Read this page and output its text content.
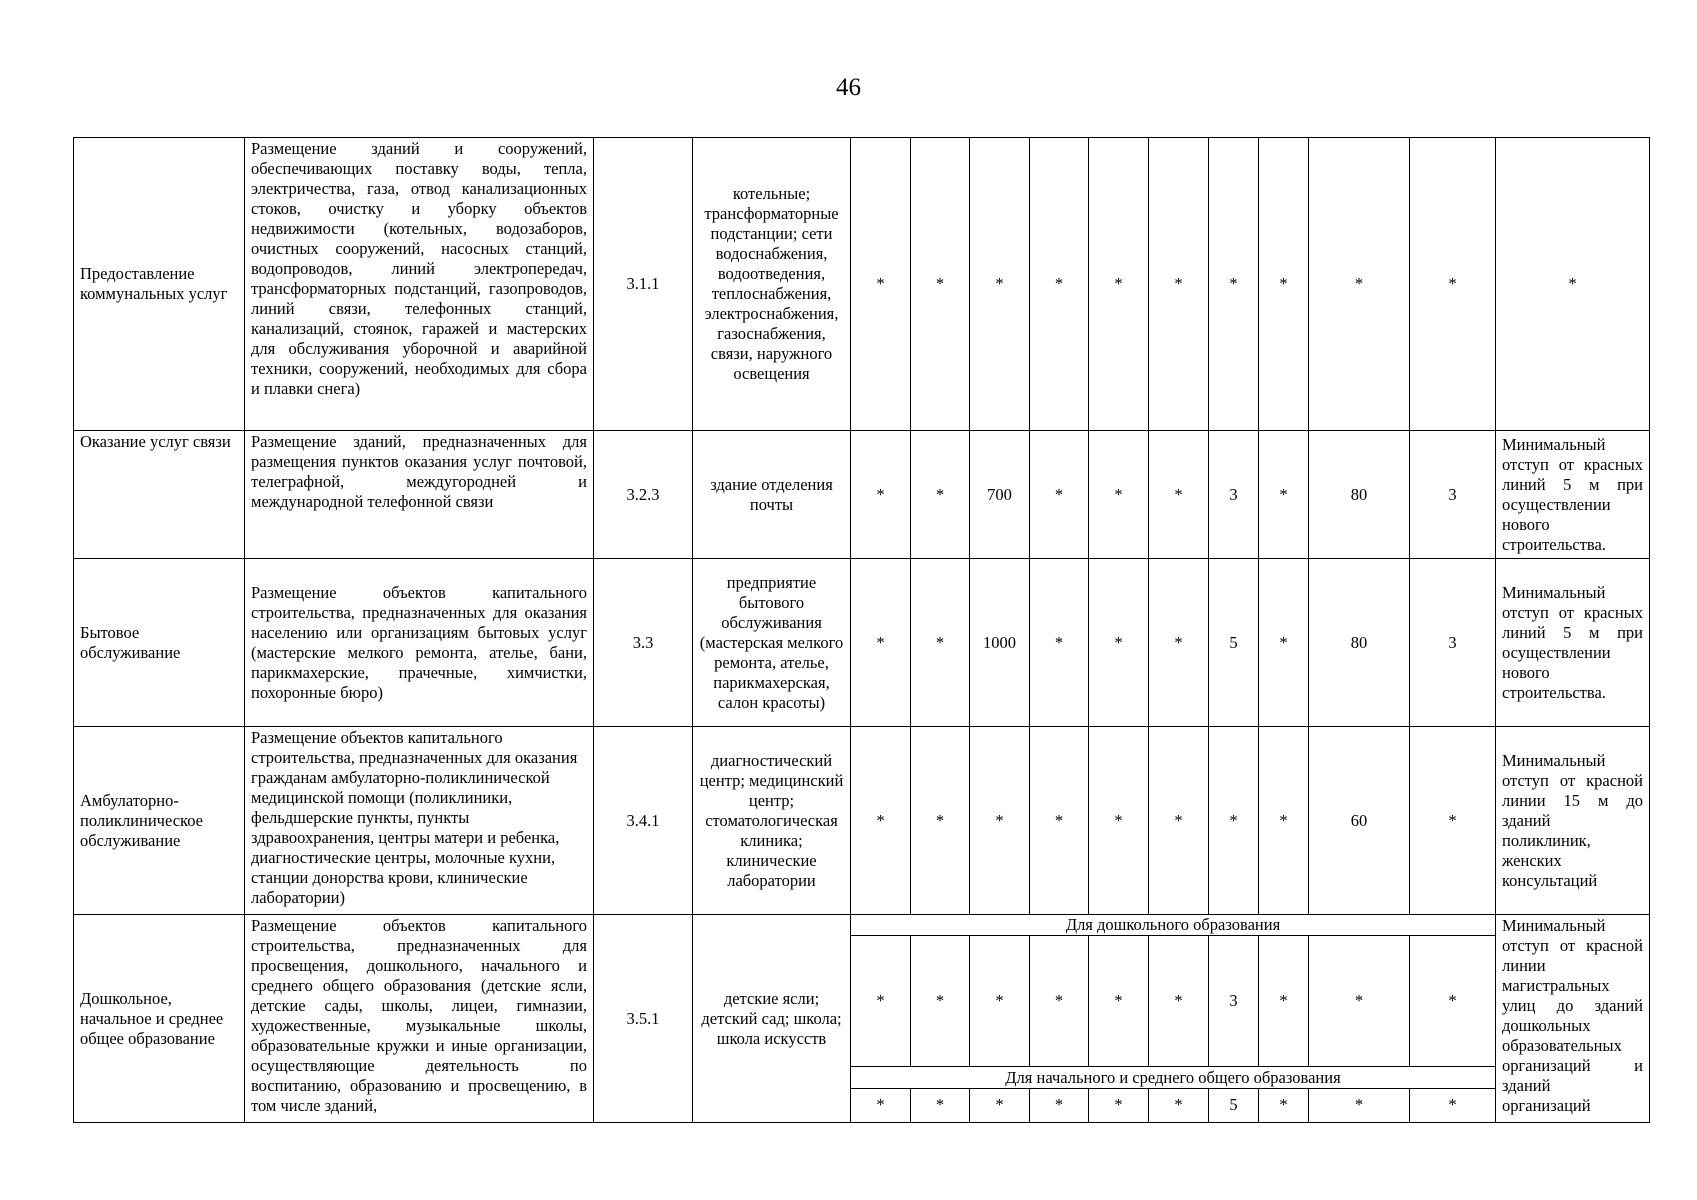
46
Предоставление коммунальных услуг	Размещение зданий и сооружений, обеспечивающих поставку воды, тепла, электричества, газа, отвод канализационных стоков, очистку и уборку объектов недвижимости (котельных, водозаборов, очистных сооружений, насосных станций, водопроводов, линий электропередач, трансформаторных подстанций, газопроводов, линий связи, телефонных станций, канализаций, стоянок, гаражей и мастерских для обслуживания уборочной и аварийной техники, сооружений, необходимых для сбора и плавки снега)	3.1.1	котельные; трансформаторные подстанции; сети водоснабжения, водоотведения, теплоснабжения, электроснабжения, газоснабжения, связи, наружного освещения	*	*	*	*	*	*	*	*	*	*	*
Оказание услуг связи	Размещение зданий, предназначенных для размещения пунктов оказания услуг почтовой, телеграфной, междугородней и международной телефонной связи	3.2.3	здание отделения почты	*	*	700	*	*	*	3	*	80	3	Минимальный отступ от красных линий 5 м при осуществлении нового строительства.
Бытовое обслуживание	Размещение объектов капитального строительства, предназначенных для оказания населению или организациям бытовых услуг (мастерские мелкого ремонта, ателье, бани, парикмахерские, прачечные, химчистки, похоронные бюро)	3.3	предприятие бытового обслуживания (мастерская мелкого ремонта, ателье, парикмахерская, салон красоты)	*	*	1000	*	*	*	5	*	80	3	Минимальный отступ от красных линий 5 м при осуществлении нового строительства.
Амбулаторно-поликлиническое обслуживание	Размещение объектов капитального строительства, предназначенных для оказания гражданам амбулаторно-поликлинической медицинской помощи (поликлиники, фельдшерские пункты, пункты здравоохранения, центры матери и ребенка, диагностические центры, молочные кухни, станции донорства крови, клинические лаборатории)	3.4.1	диагностический центр; медицинский центр; стоматологическая клиника; клинические лаборатории	*	*	*	*	*	*	*	*	60	*	Минимальный отступ от красной линии 15 м до зданий поликлиник, женских консультаций
Дошкольное, начальное и среднее общее образование	Размещение объектов капитального строительства, предназначенных для просвещения, дошкольного, начального и среднего общего образования (детские ясли, детские сады, школы, лицеи, гимназии, художественные, музыкальные школы, образовательные кружки и иные организации, осуществляющие деятельность по воспитанию, образованию и просвещению, в том числе зданий,	3.5.1	детские ясли; детский сад; школа; школа искусств	Для дошкольного образования										Минимальный отступ от красной линии магистральных улиц до зданий дошкольных образовательных организаций и зданий организаций
				*	*	*	*	*	*	3	*	*	*	
				Для начального и среднего общего образования										
				*	*	*	*	*	*	5	*	*	*	
